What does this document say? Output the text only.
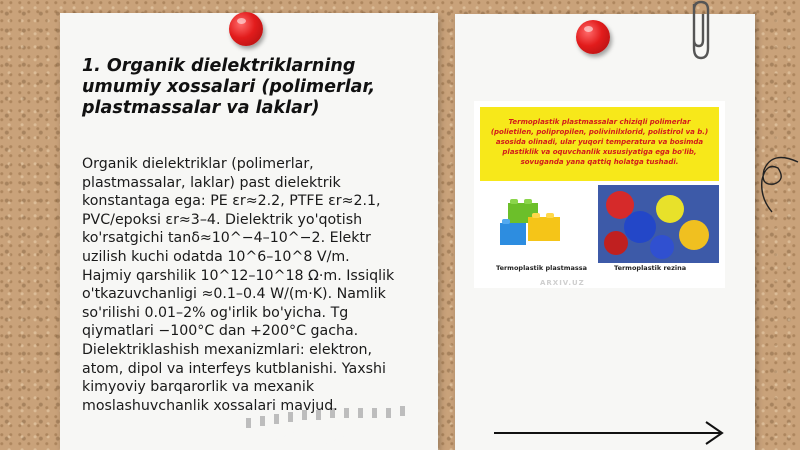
1. Organik dielektriklarning umumiy xossalari (polimerlar, plastmassalar va laklar)
Organik dielektriklar (polimerlar, plastmassalar, laklar) past dielektrik konstantaga ega: PE εr≈2.2, PTFE εr≈2.1, PVC/epoksi εr≈3–4. Dielektrik yo'qotish ko'rsatgichi tanδ≈10^−4–10^−2. Elektr uzilish kuchi odatda 10^6–10^8 V/m. Hajmiy qarshilik 10^12–10^18 Ω·m. Issiqlik o'tkazuvchanligi ≈0.1–0.4 W/(m·K). Namlik so'rilishi 0.01–2% og'irlik bo'yicha. Tg qiymatlari −100°C dan +200°C gacha. Dielektriklashish mexanizmlari: elektron, atom, dipol va interfeys kutblanishi. Yaxshi kimyoviy barqarorlik va mexanik moslashuvchanlik xossalari mavjud.
Termoplastik plastmassalar chiziqli polimerlar (polietilen, polipropilen, polivinilxlorid, polistirol va b.) asosida olinadi, ular yuqori temperatura va bosimda plastiklik va oquvchanlik xususiyatiga ega bo'lib, sovuganda yana qattiq holatga tushadi.
Termoplastik plastmassa	Termoplastik rezina
ARXIV.UZ
